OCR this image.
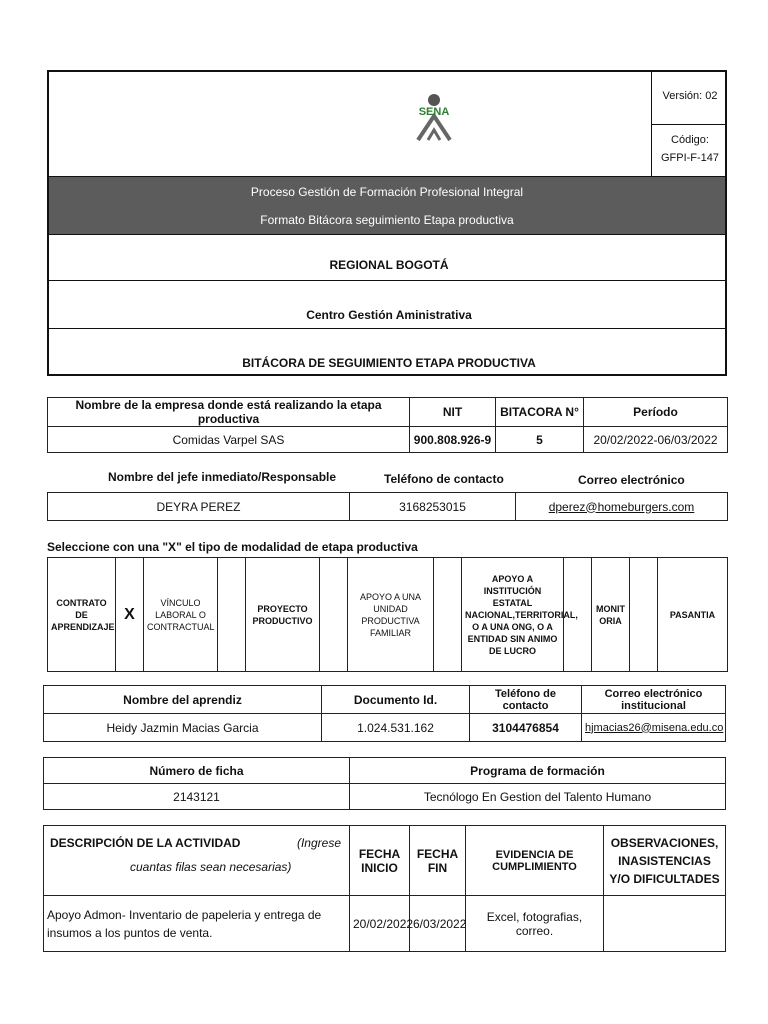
SENA
Versión: 02
Código:
GFPI-F-147
Proceso Gestión de Formación Profesional Integral
Formato Bitácora seguimiento Etapa productiva
REGIONAL BOGOTÁ
Centro Gestión Aministrativa
BITÁCORA DE SEGUIMIENTO ETAPA PRODUCTIVA
Nombre de la empresa donde está realizando la etapa productiva	NIT	BITACORA N°	Período
Comidas Varpel SAS	900.808.926-9	5	20/02/2022-06/03/2022
Nombre del jefe inmediato/Responsable	Teléfono de contacto	Correo electrónico
DEYRA PEREZ	3168253015	dperez@homeburgers.com
Seleccione con una "X" el tipo de modalidad de etapa productiva
CONTRATO DE APRENDIZAJE	X	VÍNCULO LABORAL O CONTRACTUAL		PROYECTO PRODUCTIVO		APOYO A UNA UNIDAD PRODUCTIVA FAMILIAR		APOYO A INSTITUCIÓN ESTATAL NACIONAL,TERRITORIAL, O A UNA ONG, O A ENTIDAD SIN ANIMO DE LUCRO		MONITORIA		PASANTIA
Nombre del aprendiz	Documento Id.	Teléfono de contacto	Correo electrónico institucional
Heidy Jazmin Macias Garcia	1.024.531.162	3104476854	hjmacias26@misena.edu.co
Número de ficha	Programa de formación
2143121	Tecnólogo En Gestion del Talento Humano
DESCRIPCIÓN DE LA ACTIVIDAD (Ingrese
cuantas filas sean necesarias)	FECHA INICIO	FECHA FIN	EVIDENCIA DE CUMPLIMIENTO	OBSERVACIONES, INASISTENCIAS Y/O DIFICULTADES
Apoyo Admon- Inventario de papeleria y entrega de insumos a los puntos de venta.	20/02/2022	6/03/2022	Excel, fotografias, correo.	
